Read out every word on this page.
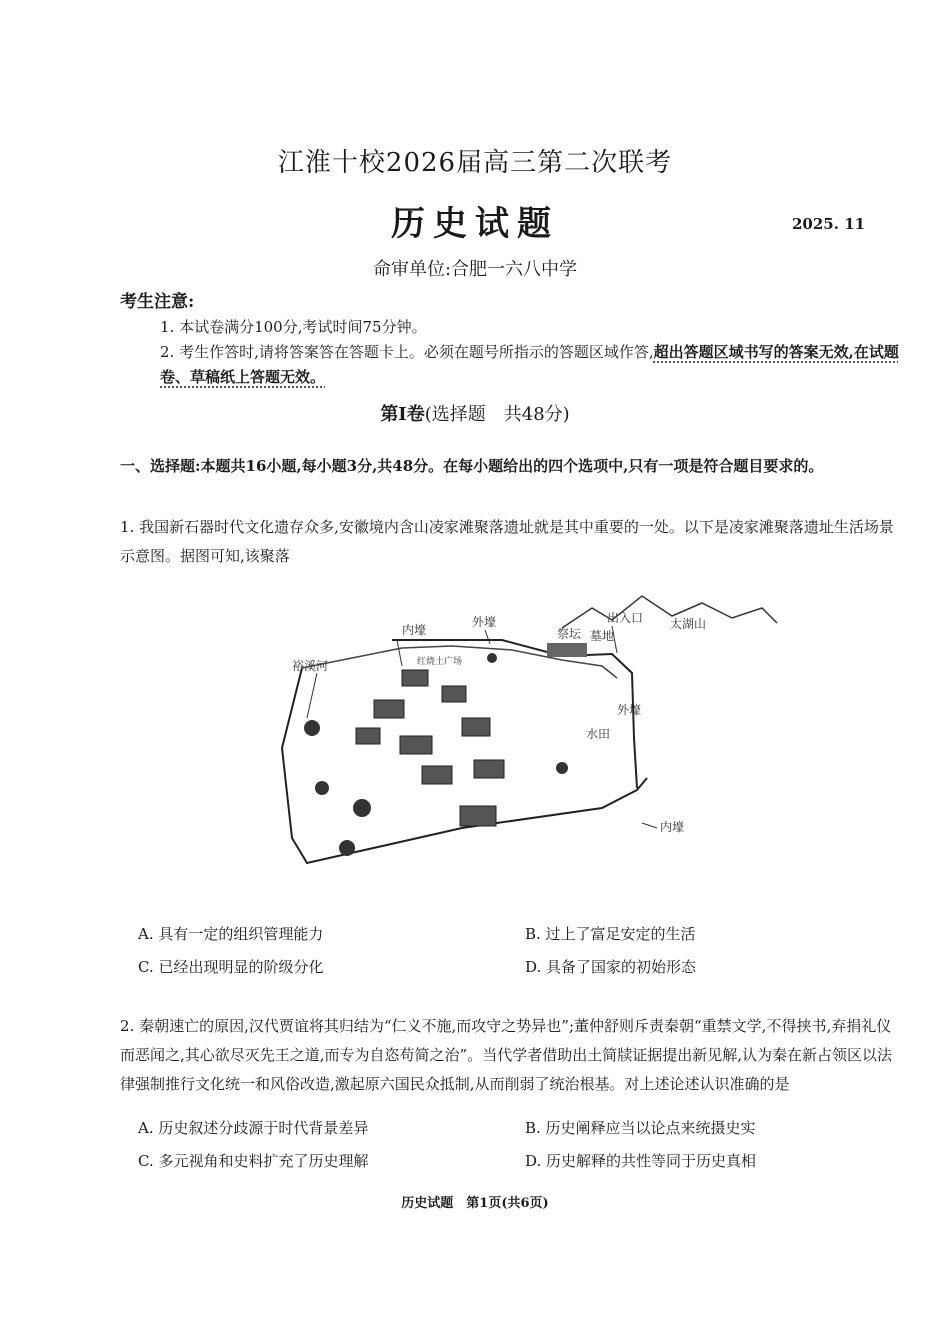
江淮十校2026届高三第二次联考
历史试题	2025. 11
命审单位:合肥一六八中学
考生注意:
1. 本试卷满分100分,考试时间75分钟。
2. 考生作答时,请将答案答在答题卡上。必须在题号所指示的答题区域作答,超出答题区域书写的答案无效,在试题卷、草稿纸上答题无效。
第Ⅰ卷(选择题　共48分)
一、选择题:本题共16小题,每小题3分,共48分。在每小题给出的四个选项中,只有一项是符合题目要求的。
1. 我国新石器时代文化遗存众多,安徽境内含山凌家滩聚落遗址就是其中重要的一处。以下是凌家滩聚落遗址生活场景示意图。据图可知,该聚落
内壕
外壕	出入口 太湖山
祭坛 墓地
裕溪河	红烧土广场
外壕
水田
内壕
A. 具有一定的组织管理能力	B. 过上了富足安定的生活
C. 已经出现明显的阶级分化	D. 具备了国家的初始形态
2. 秦朝速亡的原因,汉代贾谊将其归结为“仁义不施,而攻守之势异也”;董仲舒则斥责秦朝“重禁文学,不得挟书,弃捐礼仪而恶闻之,其心欲尽灭先王之道,而专为自恣苟简之治”。当代学者借助出土简牍证据提出新见解,认为秦在新占领区以法律强制推行文化统一和风俗改造,激起原六国民众抵制,从而削弱了统治根基。对上述论述认识准确的是
A. 历史叙述分歧源于时代背景差异	B. 历史阐释应当以论点来统摄史实
C. 多元视角和史料扩充了历史理解	D. 历史解释的共性等同于历史真相
历史试题　第1页(共6页)
